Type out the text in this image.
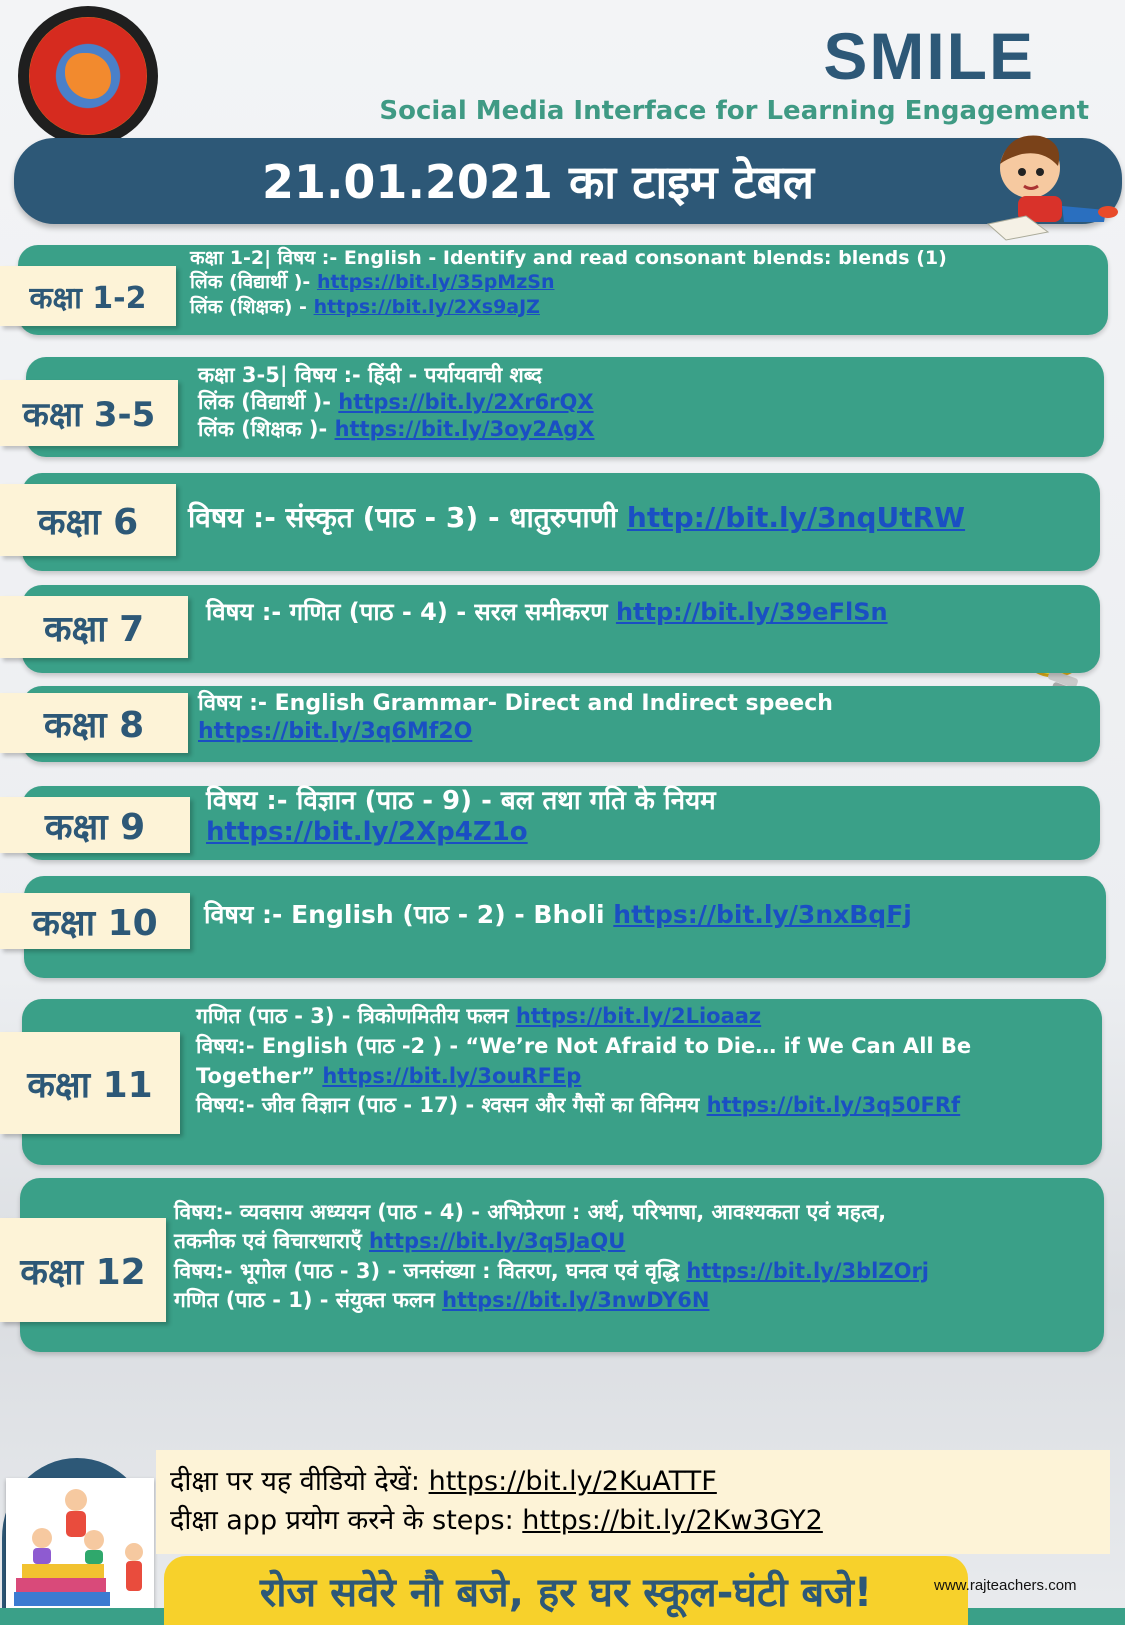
SMILE

Social Media Interface for Learning Engagement

21.01.2021 का टाइम टेबल
कक्षा 1-2
कक्षा 1-2| विषय :- English - Identify and read consonant blends: blends (1)
लिंक (विद्यार्थी )- https://bit.ly/35pMzSn
लिंक (शिक्षक) - https://bit.ly/2Xs9aJZ
कक्षा 3-5
कक्षा 3-5| विषय :- हिंदी - पर्यायवाची शब्द
लिंक (विद्यार्थी )- https://bit.ly/2Xr6rQX
लिंक (शिक्षक )- https://bit.ly/3oy2AgX
कक्षा 6	विषय :- संस्कृत (पाठ - 3) - धातुरुपाणी http://bit.ly/3nqUtRW
कक्षा 7	विषय :- गणित (पाठ - 4) - सरल समीकरण http://bit.ly/39eFlSn
कक्षा 8
विषय :- English Grammar- Direct and Indirect speech
https://bit.ly/3q6Mf2O
कक्षा 9
विषय :- विज्ञान (पाठ - 9) - बल तथा गति के नियम
https://bit.ly/2Xp4Z1o
कक्षा 10	विषय :- English (पाठ - 2) - Bholi https://bit.ly/3nxBqFj
कक्षा 11
गणित (पाठ - 3) - त्रिकोणमितीय फलन https://bit.ly/2Lioaaz
विषय:- English (पाठ -2 ) - “We’re Not Afraid to Die… if We Can All Be
Together” https://bit.ly/3ouRFEp
विषय:- जीव विज्ञान (पाठ - 17) - श्वसन और गैसों का विनिमय https://bit.ly/3q50FRf
कक्षा 12
विषय:- व्यवसाय अध्ययन (पाठ - 4) - अभिप्रेरणा : अर्थ, परिभाषा, आवश्यकता एवं महत्व,
तकनीक एवं विचारधाराएँ https://bit.ly/3q5JaQU
विषय:- भूगोल (पाठ - 3) - जनसंख्या : वितरण, घनत्व एवं वृद्धि https://bit.ly/3blZOrj
गणित (पाठ - 1) - संयुक्त फलन https://bit.ly/3nwDY6N
दीक्षा पर यह वीडियो देखें: https://bit.ly/2KuATTF
दीक्षा app प्रयोग करने के steps: https://bit.ly/2Kw3GY2
रोज सवेरे नौ बजे, हर घर स्कूल-घंटी बजे!	www.rajteachers.com
